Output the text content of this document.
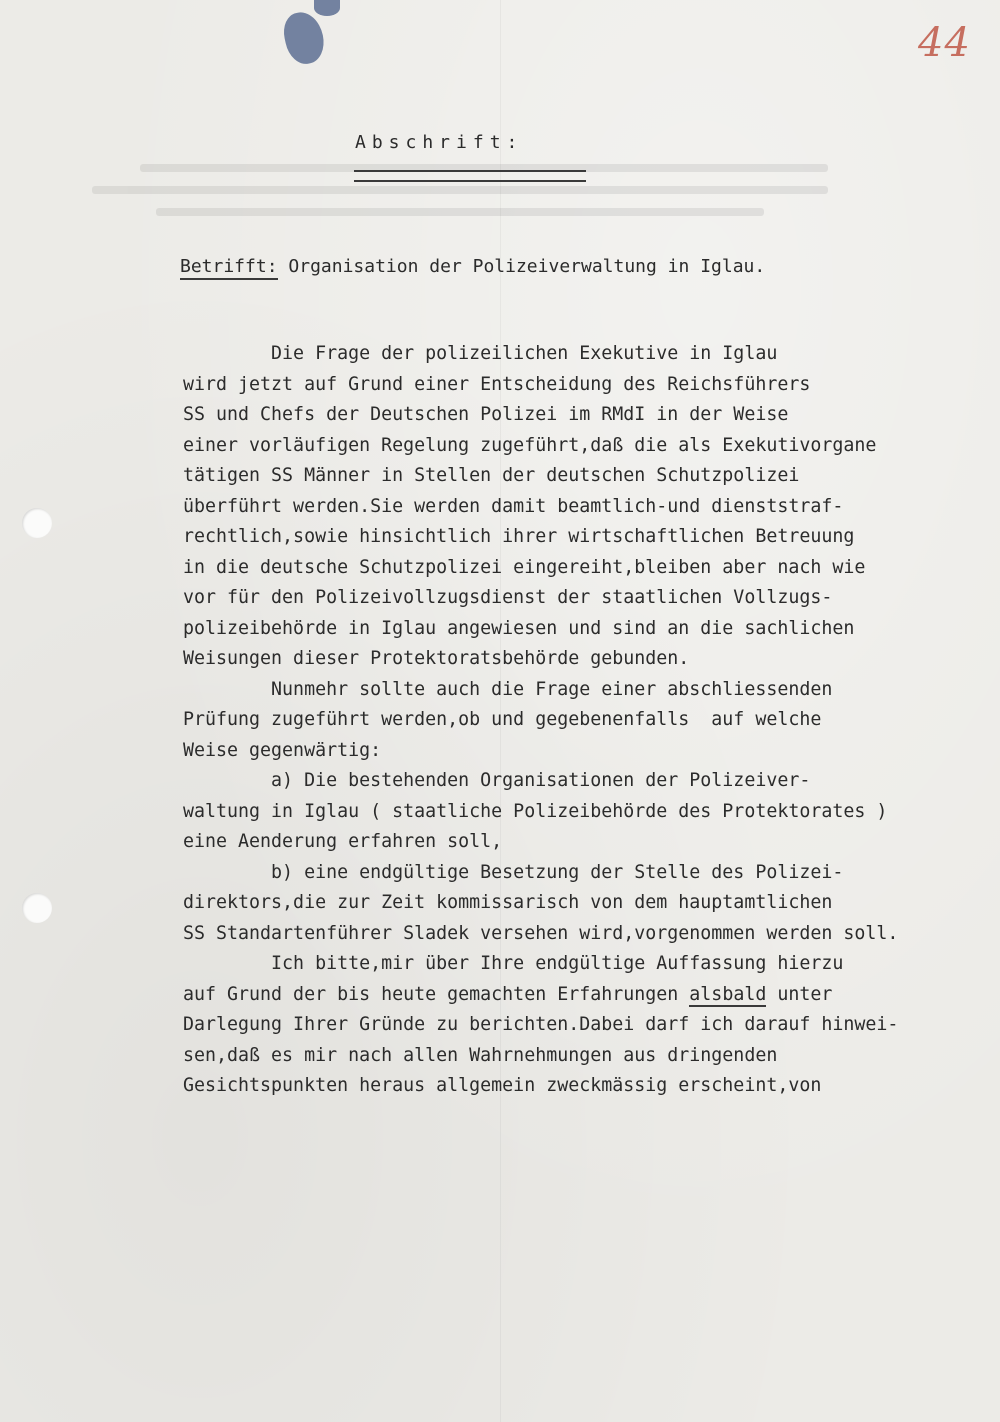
44
Abschrift:
Betrifft: Organisation der Polizeiverwaltung in Iglau.
Die Frage der polizeilichen Exekutive in Iglau
wird jetzt auf Grund einer Entscheidung des Reichsführers
SS und Chefs der Deutschen Polizei im RMdI in der Weise
einer vorläufigen Regelung zugeführt,daß die als Exekutivorgane
tätigen SS Männer in Stellen der deutschen Schutzpolizei
überführt werden.Sie werden damit beamtlich-und dienststraf-
rechtlich,sowie hinsichtlich ihrer wirtschaftlichen Betreuung
in die deutsche Schutzpolizei eingereiht,bleiben aber nach wie
vor für den Polizeivollzugsdienst der staatlichen Vollzugs-
polizeibehörde in Iglau angewiesen und sind an die sachlichen
Weisungen dieser Protektoratsbehörde gebunden.
Nunmehr sollte auch die Frage einer abschliessenden
Prüfung zugeführt werden,ob und gegebenenfalls  auf welche
Weise gegenwärtig:
a) Die bestehenden Organisationen der Polizeiver-
waltung in Iglau ( staatliche Polizeibehörde des Protektorates )
eine Aenderung erfahren soll,
b) eine endgültige Besetzung der Stelle des Polizei-
direktors,die zur Zeit kommissarisch von dem hauptamtlichen
SS Standartenführer Sladek versehen wird,vorgenommen werden soll.
Ich bitte,mir über Ihre endgültige Auffassung hierzu
auf Grund der bis heute gemachten Erfahrungen alsbald unter
Darlegung Ihrer Gründe zu berichten.Dabei darf ich darauf hinwei-
sen,daß es mir nach allen Wahrnehmungen aus dringenden
Gesichtspunkten heraus allgemein zweckmässig erscheint,von
